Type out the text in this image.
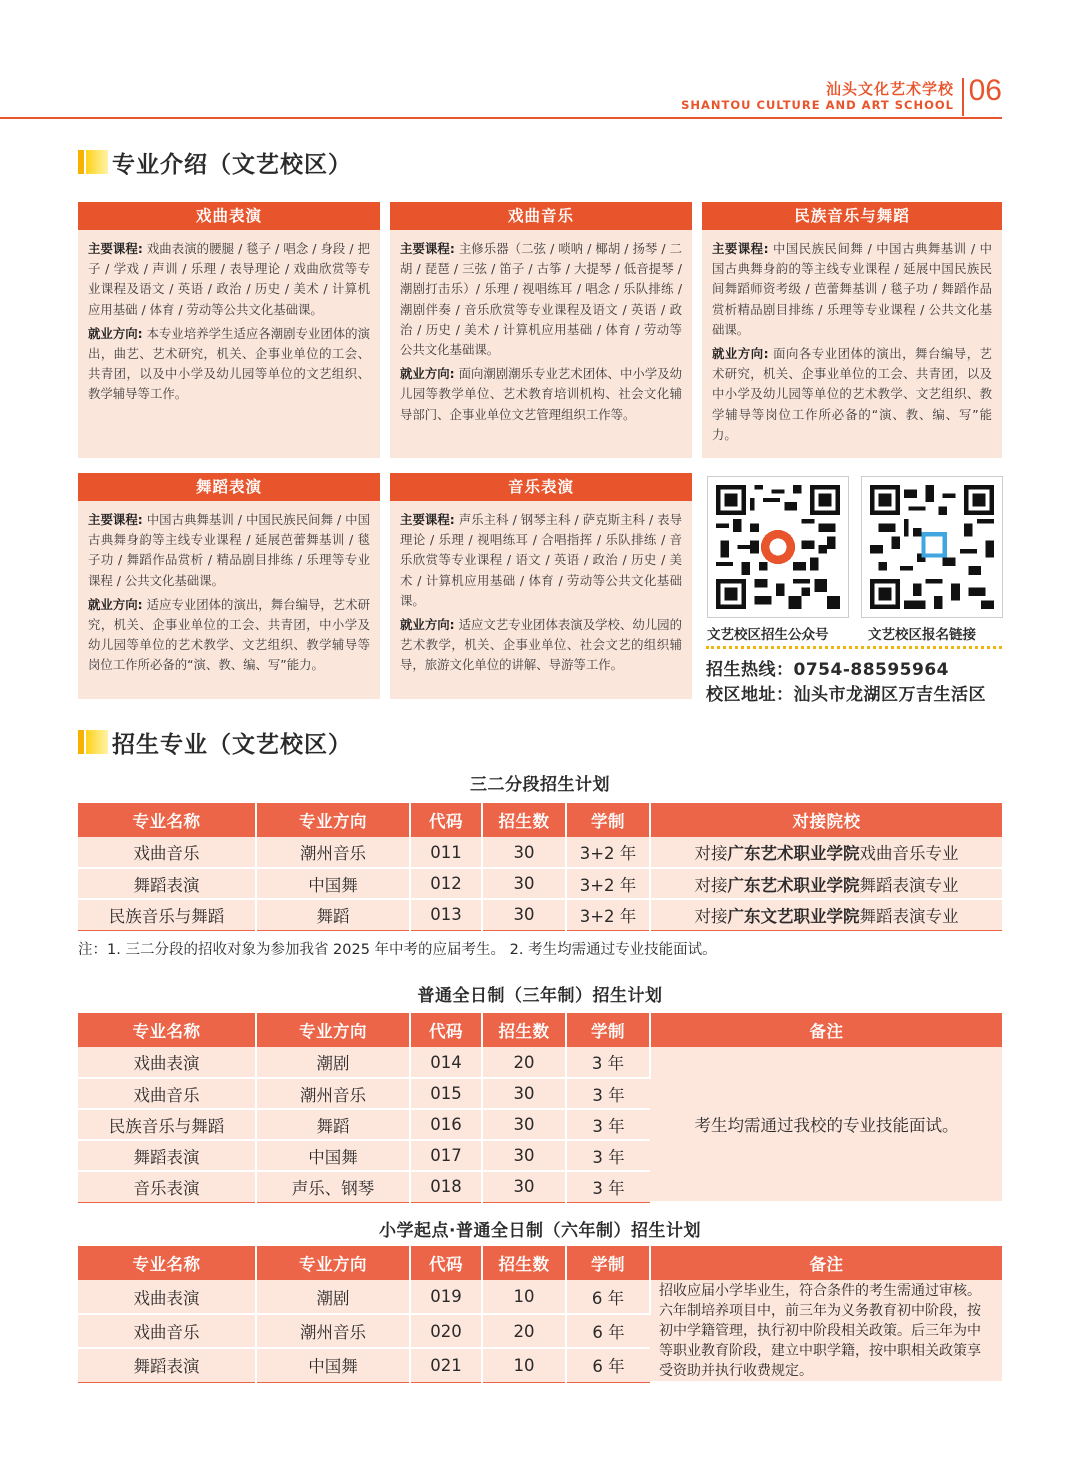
汕头文化艺术学校
SHANTOU CULTURE AND ART SCHOOL 06
专业介绍（文艺校区）
戏曲表演

主要课程: 戏曲表演的腰腿 / 毯子 / 唱念 / 身段 / 把子 / 学戏 / 声训 / 乐理 / 表导理论 / 戏曲欣赏等专业课程及语文 / 英语 / 政治 / 历史 / 美术 / 计算机应用基础 / 体育 / 劳动等公共文化基础课。

就业方向: 本专业培养学生适应各潮剧专业团体的演出，曲艺、艺术研究，机关、企事业单位的工会、共青团，以及中小学及幼儿园等单位的文艺组织、教学辅导等工作。

戏曲音乐

主要课程: 主修乐器（二弦 / 唢呐 / 椰胡 / 扬琴 / 二胡 / 琵琶 / 三弦 / 笛子 / 古筝 / 大提琴 / 低音提琴 / 潮剧打击乐）/ 乐理 / 视唱练耳 / 唱念 / 乐队排练 / 潮剧伴奏 / 音乐欣赏等专业课程及语文 / 英语 / 政治 / 历史 / 美术 / 计算机应用基础 / 体育 / 劳动等公共文化基础课。

就业方向: 面向潮剧潮乐专业艺术团体、中小学及幼儿园等教学单位、艺术教育培训机构、社会文化辅导部门、企事业单位文艺管理组织工作等。

民族音乐与舞蹈

主要课程: 中国民族民间舞 / 中国古典舞基训 / 中国古典舞身韵的等主线专业课程 / 延展中国民族民间舞蹈师资考级 / 芭蕾舞基训 / 毯子功 / 舞蹈作品赏析精品剧目排练 / 乐理等专业课程 / 公共文化基础课。

就业方向: 面向各专业团体的演出，舞台编导，艺术研究，机关、企事业单位的工会、共青团，以及中小学及幼儿园等单位的艺术教学、文艺组织、教学辅导等岗位工作所必备的“演、教、编、写”能力。

舞蹈表演

主要课程: 中国古典舞基训 / 中国民族民间舞 / 中国古典舞身韵等主线专业课程 / 延展芭蕾舞基训 / 毯子功 / 舞蹈作品赏析 / 精品剧目排练 / 乐理等专业课程 / 公共文化基础课。

就业方向: 适应专业团体的演出，舞台编导，艺术研究，机关、企事业单位的工会、共青团，中小学及幼儿园等单位的艺术教学、文艺组织、教学辅导等岗位工作所必备的“演、教、编、写”能力。

音乐表演

主要课程: 声乐主科 / 钢琴主科 / 萨克斯主科 / 表导理论 / 乐理 / 视唱练耳 / 合唱指挥 / 乐队排练 / 音乐欣赏等专业课程 / 语文 / 英语 / 政治 / 历史 / 美术 / 计算机应用基础 / 体育 / 劳动等公共文化基础课。

就业方向: 适应文艺专业团体表演及学校、幼儿园的艺术教学，机关、企事业单位、社会文艺的组织辅导，旅游文化单位的讲解、导游等工作。

文艺校区招生公众号	文艺校区报名链接
招生热线：0754-88595964
校区地址：汕头市龙湖区万吉生活区
招生专业（文艺校区）
三二分段招生计划
专业名称	专业方向	代码	招生数	学制	对接院校
戏曲音乐	潮州音乐	011	30	3+2 年	对接广东艺术职业学院戏曲音乐专业
舞蹈表演	中国舞	012	30	3+2 年	对接广东艺术职业学院舞蹈表演专业
民族音乐与舞蹈	舞蹈	013	30	3+2 年	对接广东文艺职业学院舞蹈表演专业
注：1. 三二分段的招收对象为参加我省 2025 年中考的应届考生。 2. 考生均需通过专业技能面试。
普通全日制（三年制）招生计划
专业名称	专业方向	代码	招生数	学制	备注
戏曲表演	潮剧	014	20	3 年	考生均需通过我校的专业技能面试。
戏曲音乐	潮州音乐	015	30	3 年	
民族音乐与舞蹈	舞蹈	016	30	3 年	
舞蹈表演	中国舞	017	30	3 年	
音乐表演	声乐、钢琴	018	30	3 年	
小学起点·普通全日制（六年制）招生计划
专业名称	专业方向	代码	招生数	学制	备注
戏曲表演	潮剧	019	10	6 年	招收应届小学毕业生，符合条件的考生需通过审核。六年制培养项目中，前三年为义务教育初中阶段，按初中学籍管理，执行初中阶段相关政策。后三年为中等职业教育阶段，建立中职学籍，按中职相关政策享受资助并执行收费规定。
戏曲音乐	潮州音乐	020	20	6 年	
舞蹈表演	中国舞	021	10	6 年	
